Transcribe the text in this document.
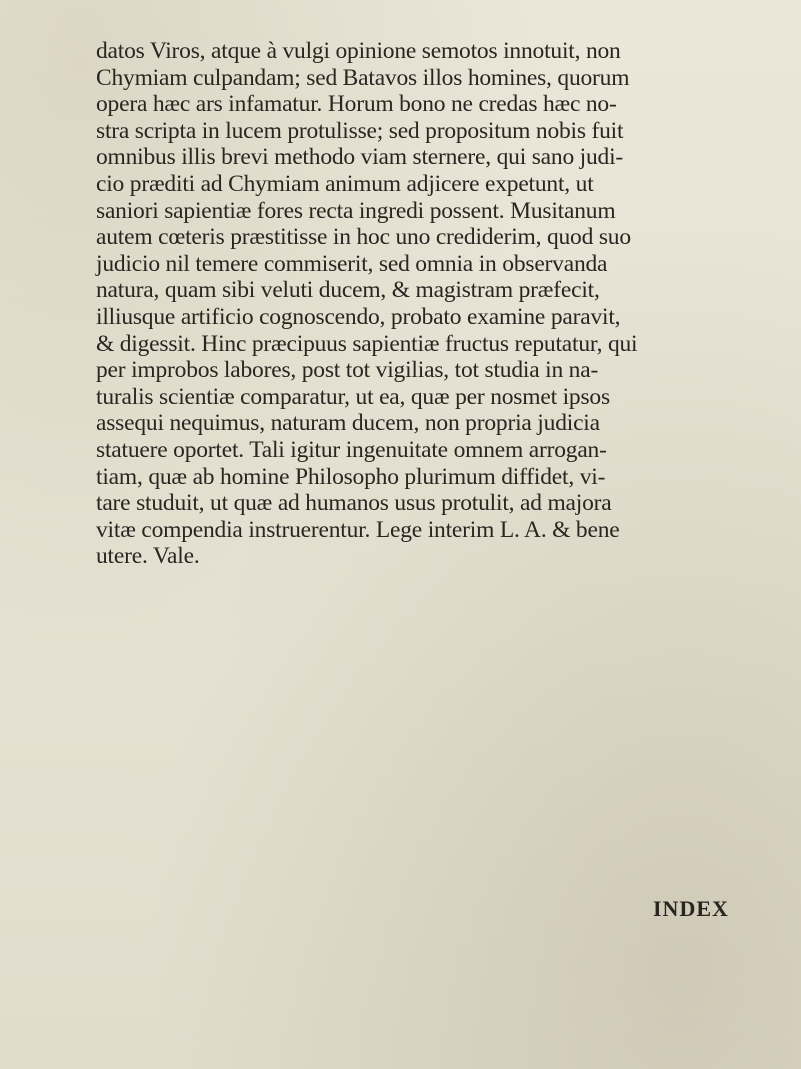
datos Viros, atque à vulgi opinione semotos innotuit, non
Chymiam culpandam; sed Batavos illos homines, quorum
opera hæc ars infamatur. Horum bono ne credas hæc no-
stra scripta in lucem protulisse; sed propositum nobis fuit
omnibus illis brevi methodo viam sternere, qui sano judi-
cio præditi ad Chymiam animum adjicere expetunt, ut
saniori sapientiæ fores recta ingredi possent. Musitanum
autem cœteris præstitisse in hoc uno crediderim, quod suo
judicio nil temere commiserit, sed omnia in observanda
natura, quam sibi veluti ducem, & magistram præfecit,
illiusque artificio cognoscendo, probato examine paravit,
& digessit. Hinc præcipuus sapientiæ fructus reputatur, qui
per improbos labores, post tot vigilias, tot studia in na-
turalis scientiæ comparatur, ut ea, quæ per nosmet ipsos
assequi nequimus, naturam ducem, non propria judicia
statuere oportet. Tali igitur ingenuitate omnem arrogan-
tiam, quæ ab homine Philosopho plurimum diffidet, vi-
tare studuit, ut quæ ad humanos usus protulit, ad majora
vitæ compendia instruerentur. Lege interim L. A. & bene
utere. Vale.
INDEX
